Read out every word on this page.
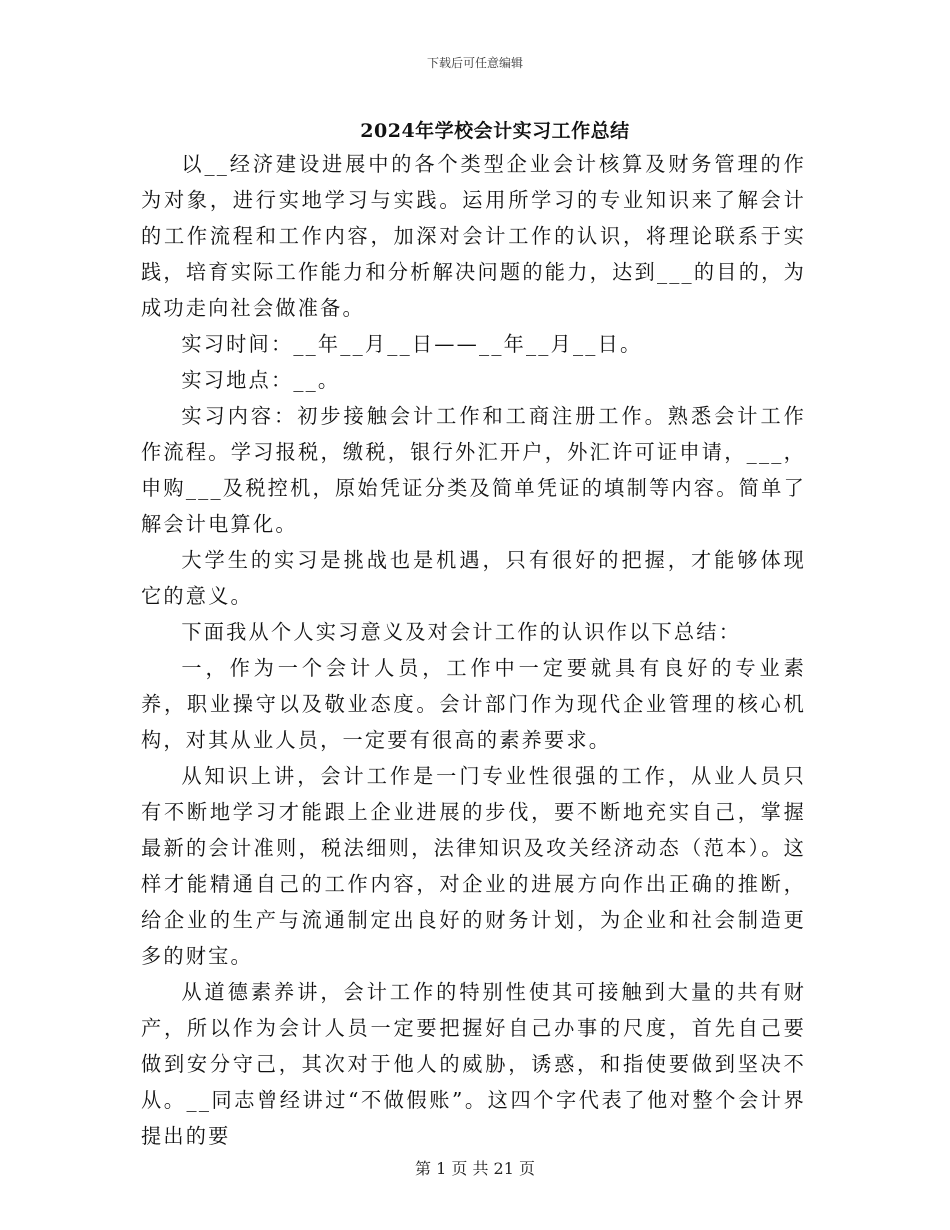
下载后可任意编辑
2024年学校会计实习工作总结

以__经济建设进展中的各个类型企业会计核算及财务管理的作为对象，进行实地学习与实践。运用所学习的专业知识来了解会计的工作流程和工作内容，加深对会计工作的认识，将理论联系于实践，培育实际工作能力和分析解决问题的能力，达到___的目的，为成功走向社会做准备。

实习时间：__年__月__日——__年__月__日。

实习地点：__。

实习内容：初步接触会计工作和工商注册工作。熟悉会计工作作流程。学习报税，缴税，银行外汇开户，外汇许可证申请，___，申购___及税控机，原始凭证分类及简单凭证的填制等内容。简单了解会计电算化。

大学生的实习是挑战也是机遇，只有很好的把握，才能够体现它的意义。

下面我从个人实习意义及对会计工作的认识作以下总结：

一，作为一个会计人员，工作中一定要就具有良好的专业素养，职业操守以及敬业态度。会计部门作为现代企业管理的核心机构，对其从业人员，一定要有很高的素养要求。

从知识上讲，会计工作是一门专业性很强的工作，从业人员只有不断地学习才能跟上企业进展的步伐，要不断地充实自己，掌握最新的会计准则，税法细则，法律知识及攻关经济动态（范本）。这样才能精通自己的工作内容，对企业的进展方向作出正确的推断，给企业的生产与流通制定出良好的财务计划，为企业和社会制造更多的财宝。

从道德素养讲，会计工作的特别性使其可接触到大量的共有财产，所以作为会计人员一定要把握好自己办事的尺度，首先自己要做到安分守己，其次对于他人的威胁，诱惑，和指使要做到坚决不从。__同志曾经讲过“不做假账”。这四个字代表了他对整个会计界提出的要

第 1 页 共 21 页
